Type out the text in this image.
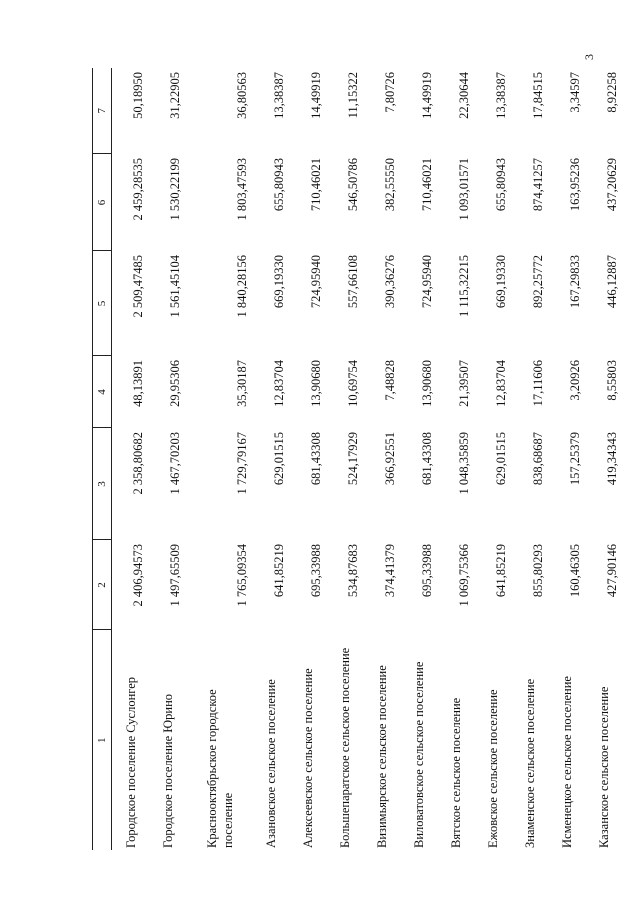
3
1	2	3	4	5	6	7
Городское поселение Суслонгер	2 406,94573	2 358,80682	48,13891	2 509,47485	2 459,28535	50,18950
Городское поселение Юрино	1 497,65509	1 467,70203	29,95306	1 561,45104	1 530,22199	31,22905
Краснооктябрьское городское поселение	1 765,09354	1 729,79167	35,30187	1 840,28156	1 803,47593	36,80563
Азановское сельское поселение	641,85219	629,01515	12,83704	669,19330	655,80943	13,38387
Алексеевское сельское поселение	695,33988	681,43308	13,90680	724,95940	710,46021	14,49919
Большепаратское сельское поселение	534,87683	524,17929	10,69754	557,66108	546,50786	11,15322
Визимьярское сельское поселение	374,41379	366,92551	7,48828	390,36276	382,55550	7,80726
Виловатовское сельское поселение	695,33988	681,43308	13,90680	724,95940	710,46021	14,49919
Вятское сельское поселение	1 069,75366	1 048,35859	21,39507	1 115,32215	1 093,01571	22,30644
Ежовское сельское поселение	641,85219	629,01515	12,83704	669,19330	655,80943	13,38387
Знаменское сельское поселение	855,80293	838,68687	17,11606	892,25772	874,41257	17,84515
Исменецкое сельское поселение	160,46305	157,25379	3,20926	167,29833	163,95236	3,34597
Казанское сельское поселение	427,90146	419,34343	8,55803	446,12887	437,20629	8,92258
